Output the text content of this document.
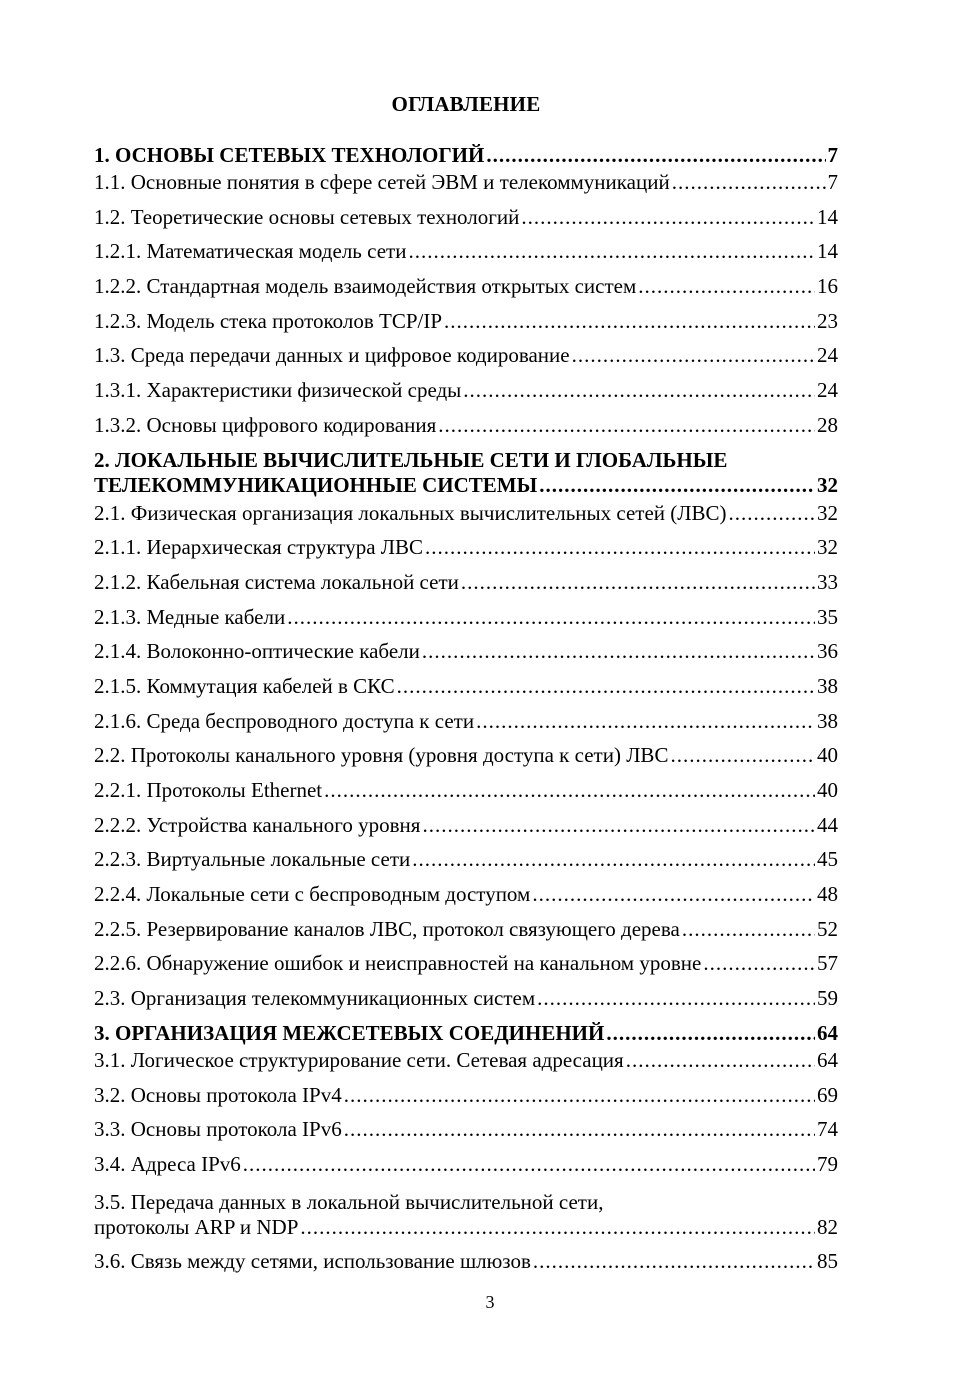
ОГЛАВЛЕНИЕ
1. ОСНОВЫ СЕТЕВЫХ ТЕХНОЛОГИЙ .....	7
1.1. Основные понятия в сфере сетей ЭВМ и телекоммуникаций .....	7
1.2. Теоретические основы сетевых технологий .....	14
1.2.1. Математическая модель сети .....	14
1.2.2. Стандартная модель взаимодействия открытых систем .....	16
1.2.3. Модель стека протоколов TCP/IP .....	23
1.3. Среда передачи данных и цифровое кодирование .....	24
1.3.1. Характеристики физической среды .....	24
1.3.2. Основы цифрового кодирования .....	28
2. ЛОКАЛЬНЫЕ ВЫЧИСЛИТЕЛЬНЫЕ СЕТИ И ГЛОБАЛЬНЫЕ
ТЕЛЕКОММУНИКАЦИОННЫЕ СИСТЕМЫ .....	32
2.1. Физическая организация локальных вычислительных сетей (ЛВС) .....	32
2.1.1. Иерархическая структура ЛВС .....	32
2.1.2. Кабельная система локальной сети .....	33
2.1.3. Медные кабели .....	35
2.1.4. Волоконно-оптические кабели .....	36
2.1.5. Коммутация кабелей в СКС .....	38
2.1.6. Среда беспроводного доступа к сети .....	38
2.2. Протоколы канального уровня (уровня доступа к сети) ЛВС .....	40
2.2.1. Протоколы Ethernet .....	40
2.2.2. Устройства канального уровня .....	44
2.2.3. Виртуальные локальные сети .....	45
2.2.4. Локальные сети с беспроводным доступом .....	48
2.2.5. Резервирование каналов ЛВС, протокол связующего дерева .....	52
2.2.6. Обнаружение ошибок и неисправностей на канальном уровне .....	57
2.3. Организация телекоммуникационных систем .....	59
3. ОРГАНИЗАЦИЯ МЕЖСЕТЕВЫХ СОЕДИНЕНИЙ .....	64
3.1. Логическое структурирование сети. Сетевая адресация .....	64
3.2. Основы протокола IPv4 .....	69
3.3. Основы протокола IPv6 .....	74
3.4. Адреса IPv6 .....	79
3.5. Передача данных в локальной вычислительной сети,
протоколы ARP и NDP .....	82
3.6. Связь между сетями, использование шлюзов .....	85
3
